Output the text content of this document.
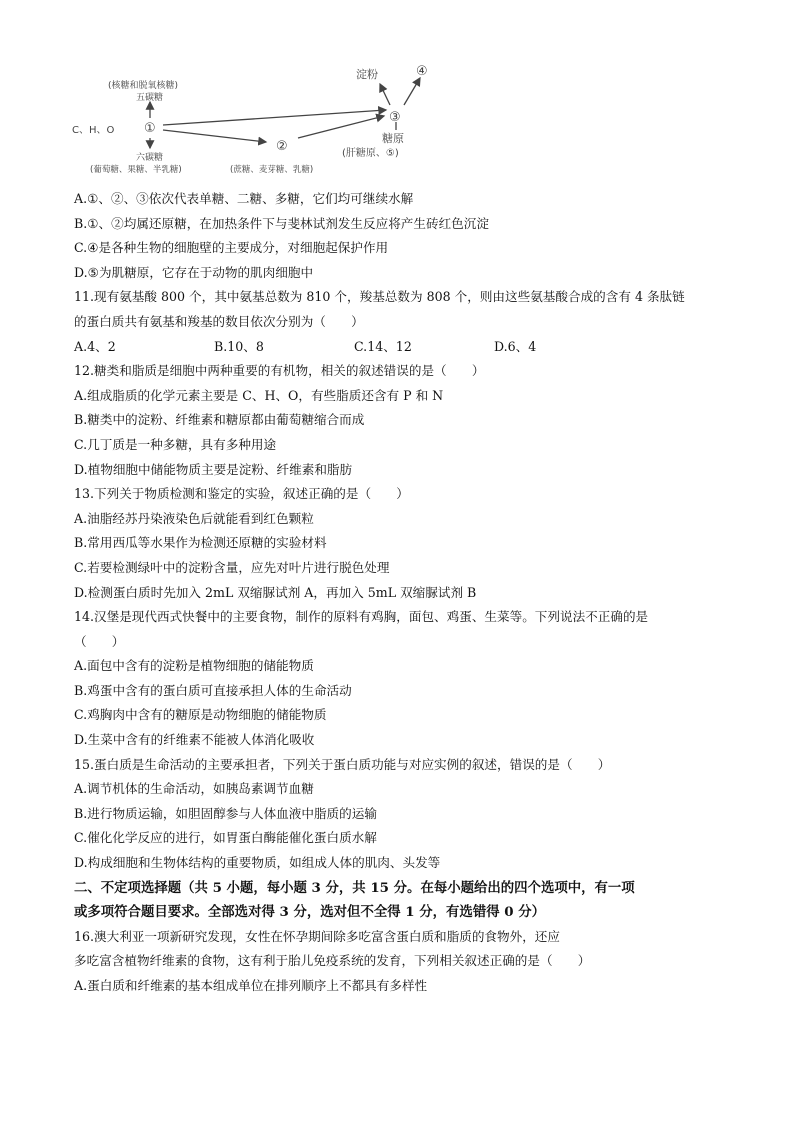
(核糖和脱氧核糖)
五碳糖
C、H、O ①
六碳糖
(葡萄糖、果糖、半乳糖)
②
(蔗糖、麦芽糖、乳糖)
③
淀粉	④
糖原
(肝糖原、⑤)
A.①、②、③依次代表单糖、二糖、多糖，它们均可继续水解
B.①、②均属还原糖，在加热条件下与斐林试剂发生反应将产生砖红色沉淀
C.④是各种生物的细胞壁的主要成分，对细胞起保护作用
D.⑤为肌糖原，它存在于动物的肌肉细胞中
11.现有氨基酸 800 个，其中氨基总数为 810 个，羧基总数为 808 个，则由这些氨基酸合成的含有 4 条肽链
的蛋白质共有氨基和羧基的数目依次分别为（　　）
A.4、2	B.10、8	C.14、12	D.6、4
12.糖类和脂质是细胞中两种重要的有机物，相关的叙述错误的是（　　）
A.组成脂质的化学元素主要是 C、H、O，有些脂质还含有 P 和 N
B.糖类中的淀粉、纤维素和糖原都由葡萄糖缩合而成
C.几丁质是一种多糖，具有多种用途
D.植物细胞中储能物质主要是淀粉、纤维素和脂肪
13.下列关于物质检测和鉴定的实验，叙述正确的是（　　）
A.油脂经苏丹染液染色后就能看到红色颗粒
B.常用西瓜等水果作为检测还原糖的实验材料
C.若要检测绿叶中的淀粉含量，应先对叶片进行脱色处理
D.检测蛋白质时先加入 2mL 双缩脲试剂 A，再加入 5mL 双缩脲试剂 B
14.汉堡是现代西式快餐中的主要食物，制作的原料有鸡胸，面包、鸡蛋、生菜等。下列说法不正确的是
（　　）
A.面包中含有的淀粉是植物细胞的储能物质
B.鸡蛋中含有的蛋白质可直接承担人体的生命活动
C.鸡胸肉中含有的糖原是动物细胞的储能物质
D.生菜中含有的纤维素不能被人体消化吸收
15.蛋白质是生命活动的主要承担者，下列关于蛋白质功能与对应实例的叙述，错误的是（　　）
A.调节机体的生命活动，如胰岛素调节血糖
B.进行物质运输，如胆固醇参与人体血液中脂质的运输
C.催化化学反应的进行，如胃蛋白酶能催化蛋白质水解
D.构成细胞和生物体结构的重要物质，如组成人体的肌肉、头发等
二、不定项选择题（共 5 小题，每小题 3 分，共 15 分。在每小题给出的四个选项中，有一项
或多项符合题目要求。全部选对得 3 分，选对但不全得 1 分，有选错得 0 分）
16.澳大利亚一项新研究发现，女性在怀孕期间除多吃富含蛋白质和脂质的食物外，还应
多吃富含植物纤维素的食物，这有利于胎儿免疫系统的发育，下列相关叙述正确的是（　　）
A.蛋白质和纤维素的基本组成单位在排列顺序上不都具有多样性
